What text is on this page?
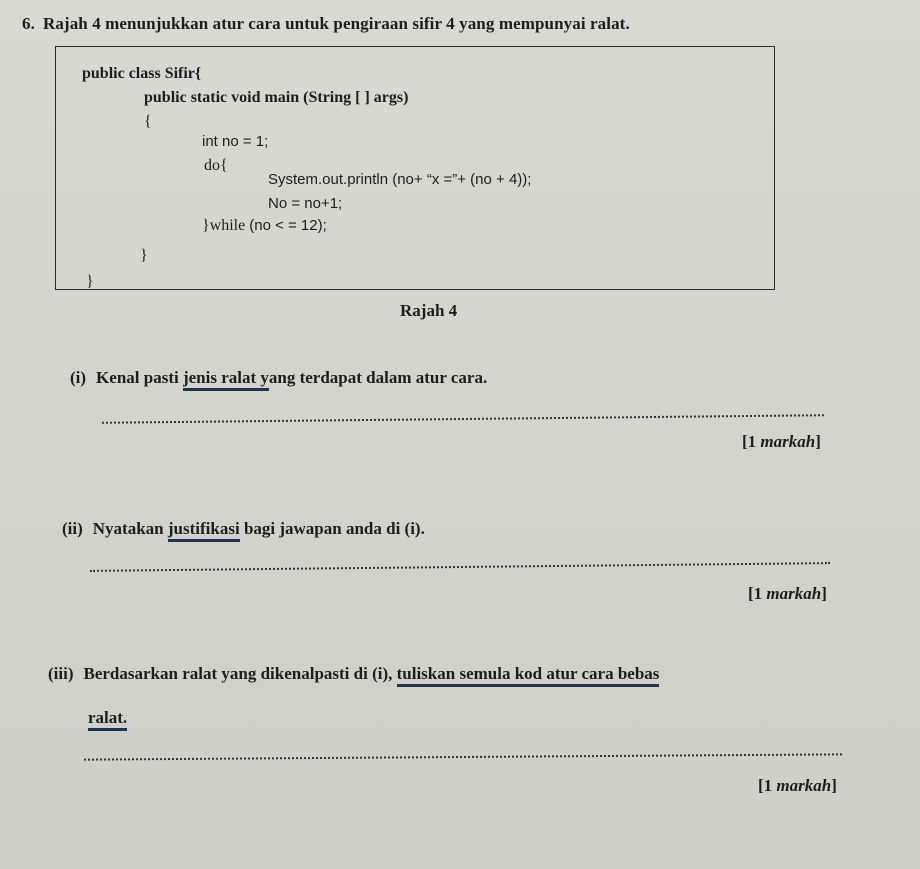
6. Rajah 4 menunjukkan atur cara untuk pengiraan sifir 4 yang mempunyai ralat.
public class Sifir{
public static void main (String [ ] args)
{
int no = 1;
do{
System.out.println (no+ “x =”+ (no + 4));
No = no+1;
}while (no < = 12);
}
}
Rajah 4
(i) Kenal pasti jenis ralat yang terdapat dalam atur cara.
[1 markah]
(ii) Nyatakan justifikasi bagi jawapan anda di (i).
[1 markah]
(iii) Berdasarkan ralat yang dikenalpasti di (i), tuliskan semula kod atur cara bebas
ralat.
[1 markah]
